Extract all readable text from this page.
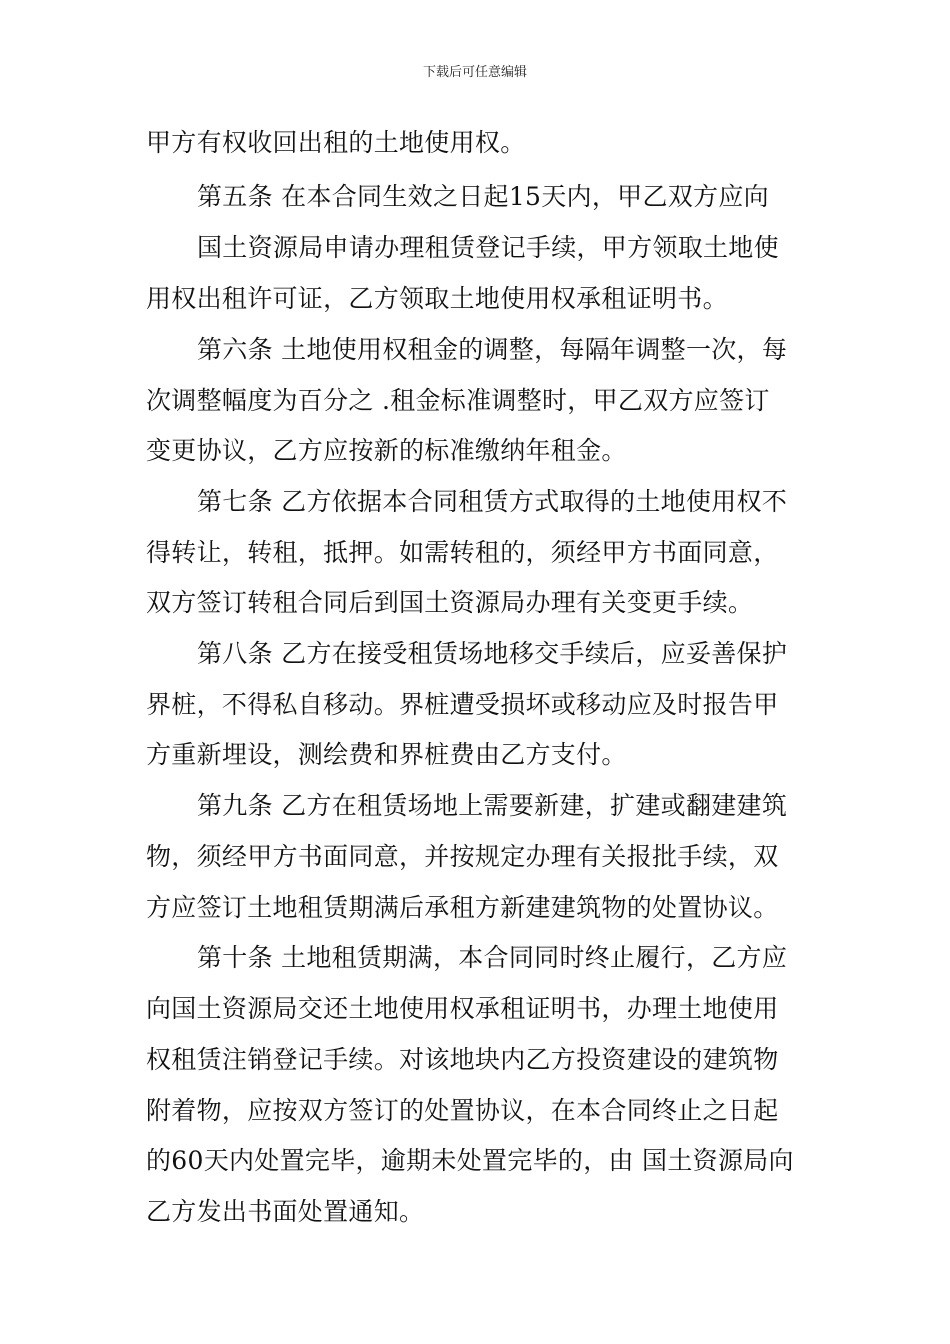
下载后可任意编辑
甲方有权收回出租的土地使用权。
第五条 在本合同生效之日起15天内，甲乙双方应向
国土资源局申请办理租赁登记手续，甲方领取土地使
用权出租许可证，乙方领取土地使用权承租证明书。
第六条 土地使用权租金的调整，每隔年调整一次，每
次调整幅度为百分之 .租金标准调整时，甲乙双方应签订
变更协议，乙方应按新的标准缴纳年租金。
第七条 乙方依据本合同租赁方式取得的土地使用权不
得转让，转租，抵押。如需转租的，须经甲方书面同意，
双方签订转租合同后到国土资源局办理有关变更手续。
第八条 乙方在接受租赁场地移交手续后，应妥善保护
界桩，不得私自移动。界桩遭受损坏或移动应及时报告甲
方重新埋设，测绘费和界桩费由乙方支付。
第九条 乙方在租赁场地上需要新建，扩建或翻建建筑
物，须经甲方书面同意，并按规定办理有关报批手续，双
方应签订土地租赁期满后承租方新建建筑物的处置协议。
第十条 土地租赁期满，本合同同时终止履行，乙方应
向国土资源局交还土地使用权承租证明书，办理土地使用
权租赁注销登记手续。对该地块内乙方投资建设的建筑物
附着物，应按双方签订的处置协议，在本合同终止之日起
的60天内处置完毕，逾期未处置完毕的，由 国土资源局向
乙方发出书面处置通知。
